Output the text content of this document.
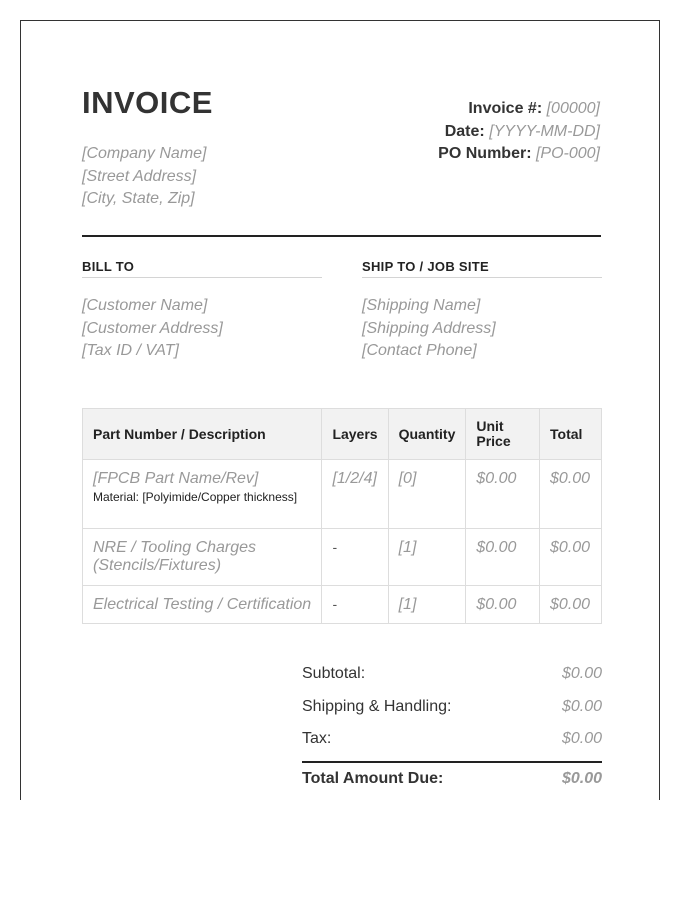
INVOICE
[Company Name]
[Street Address]
[City, State, Zip]
Invoice #: [00000]
Date: [YYYY-MM-DD]
PO Number: [PO-000]
BILL TO
[Customer Name]
[Customer Address]
[Tax ID / VAT]
SHIP TO / JOB SITE
[Shipping Name]
[Shipping Address]
[Contact Phone]
Part Number / Description	Layers	Quantity	Unit Price	Total

[FPCB Part Name/Rev]
Material: [Polyimide/Copper thickness]	[1/2/4]	[0]	$0.00	$0.00

NRE / Tooling Charges (Stencils/Fixtures)	-	[1]	$0.00	$0.00

Electrical Testing / Certification	-	[1]	$0.00	$0.00
Subtotal:	$0.00
Shipping & Handling:	$0.00
Tax:	$0.00
Total Amount Due:	$0.00
